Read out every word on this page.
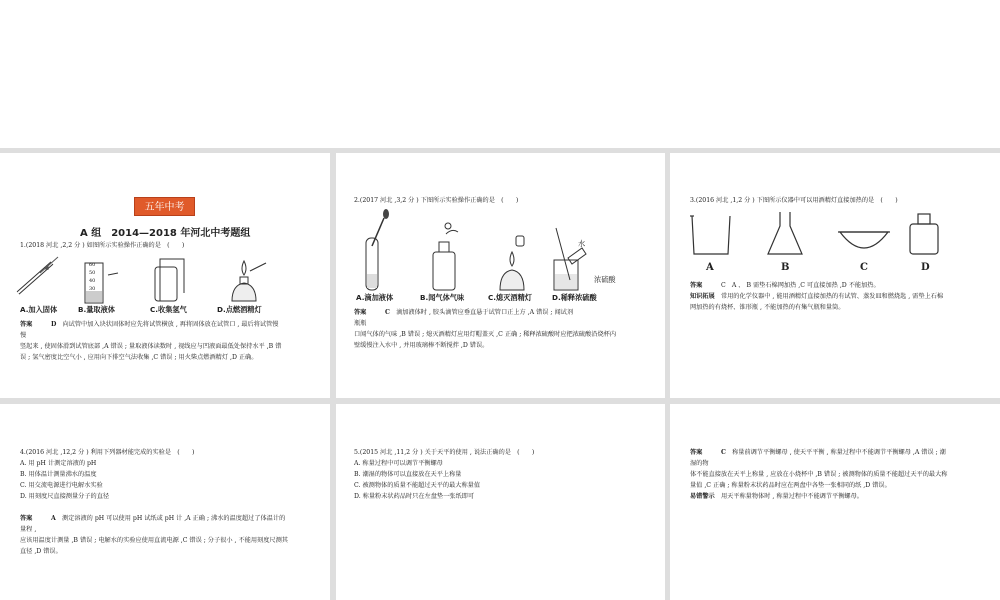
五年中考
A 组　2014—2018 年河北中考题组
1.(2018 河北 ,2,2 分 ) 如图所示实验操作正确的是　(　　)
60
50
40
30
A.加入固体	B.量取液体	C.收集氢气	D.点燃酒精灯
答案　　　	D　 向试管中加入块状固体时应先将试管横放 , 再将固体放在试管口 , 最后将试管慢
慢
竖起来 , 使固体滑到试管底部 ,A 错误 ; 量取液体读数时 , 视线应与凹液面最低处保持水平 ,B 错
误 ; 氢气密度比空气小 , 应用向下排空气法收集 ,C 错误 ; 用火柴点燃酒精灯 ,D 正确。
2.(2017 河北 ,3,2 分 ) 下图所示实验操作正确的是　(　　)
水
浓硫酸
A.滴加液体	B.闻气体气味	C.熄灭酒精灯	D.稀释浓硫酸
答案　　　	C　 滴加液体时 , 胶头滴管应垂直悬于试管口正上方 ,A 错误 ; 闻试剂
瓶瓶
口闻气体的气味 ,B 错误 ; 熄灭酒精灯应用灯帽盖灭 ,C 正确 ; 稀释浓硫酸时应把浓硫酸沿烧杯内
壁缓慢注入水中 , 并用玻璃棒不断搅拌 ,D 错误。
3.(2016 河北 ,1,2 分 ) 下图所示仪器中可以用酒精灯直接加热的是　(　　)
A	B	C	D
答案　　　	C　A 、 B 需垫石棉网加热 ,C 可直接加热 ,D 不能加热。
知识拓展　 常用的化学仪器中 , 能用酒精灯直接加热的有试管、蒸发皿和燃烧匙 , 需垫上石棉
网加热的有烧杯、锥形瓶 , 不能加热的有集气瓶和量筒。
4.(2016 河北 ,12,2 分 ) 利用下列器材能完成的实验是　(　　)
A. 用 pH 计测定溶液的 pH
B. 用体温计测量沸水的温度
C. 用交流电源进行电解水实验
D. 用刻度尺直接测量分子的直径
答案　　　	A　 测定溶液的 pH 可以使用 pH 试纸或 pH 计 ,A 正确 ; 沸水的温度超过了体温计的
量程 ,
应该用温度计测量 ,B 错误 ; 电解水的实验应使用直流电源 ,C 错误 ; 分子很小 , 不能用刻度尺测其
直径 ,D 错误。
5.(2015 河北 ,11,2 分 ) 关于天平的使用 , 说法正确的是　(　　)
A. 称量过程中可以调节平衡螺母
B. 潮湿的物体可以直接放在天平上称量
C. 被测物体的质量不能超过天平的最大称量值
D. 称量粉末状药品时只在左盘垫一张纸即可
答案　　　	C　 称量前调节平衡螺母 , 使天平平衡 , 称量过程中不能调节平衡螺母 ,A 错误 ; 潮
湿的物
体不能直接放在天平上称量 , 应放在小烧杯中 ,B 错误 ; 被测物体的质量不能超过天平的最大称
量值 ,C 正确 ; 称量粉末状药品时应在两盘中各垫一张相同的纸 ,D 错误。
易错警示　 用天平称量物体时 , 称量过程中不能调节平衡螺母。
